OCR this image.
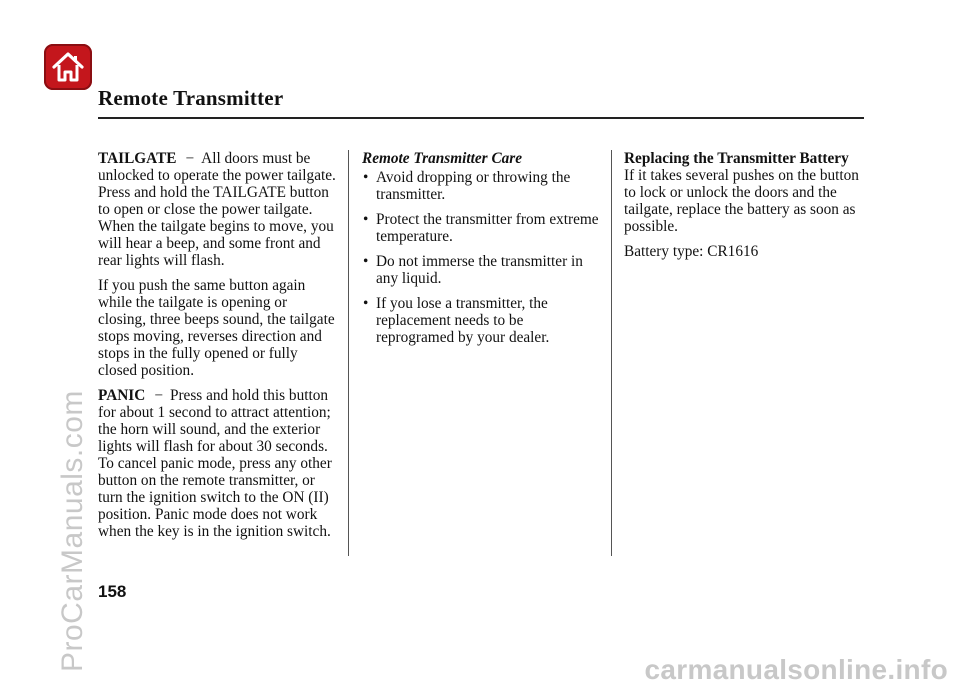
Remote Transmitter

TAILGATE − All doors must be unlocked to operate the power tailgate. Press and hold the TAILGATE button to open or close the power tailgate. When the tailgate begins to move, you will hear a beep, and some front and rear lights will flash.

If you push the same button again while the tailgate is opening or closing, three beeps sound, the tailgate stops moving, reverses direction and stops in the fully opened or fully closed position.

PANIC − Press and hold this button for about 1 second to attract attention; the horn will sound, and the exterior lights will flash for about 30 seconds. To cancel panic mode, press any other button on the remote transmitter, or turn the ignition switch to the ON (II) position. Panic mode does not work when the key is in the ignition switch.

Remote Transmitter Care
• Avoid dropping or throwing the transmitter.
• Protect the transmitter from extreme temperature.
• Do not immerse the transmitter in any liquid.
• If you lose a transmitter, the replacement needs to be reprogramed by your dealer.
Replacing the Transmitter Battery

If it takes several pushes on the button to lock or unlock the doors and the tailgate, replace the battery as soon as possible.

Battery type: CR1616

158
ProCarManuals.com	carmanualsonline.info
